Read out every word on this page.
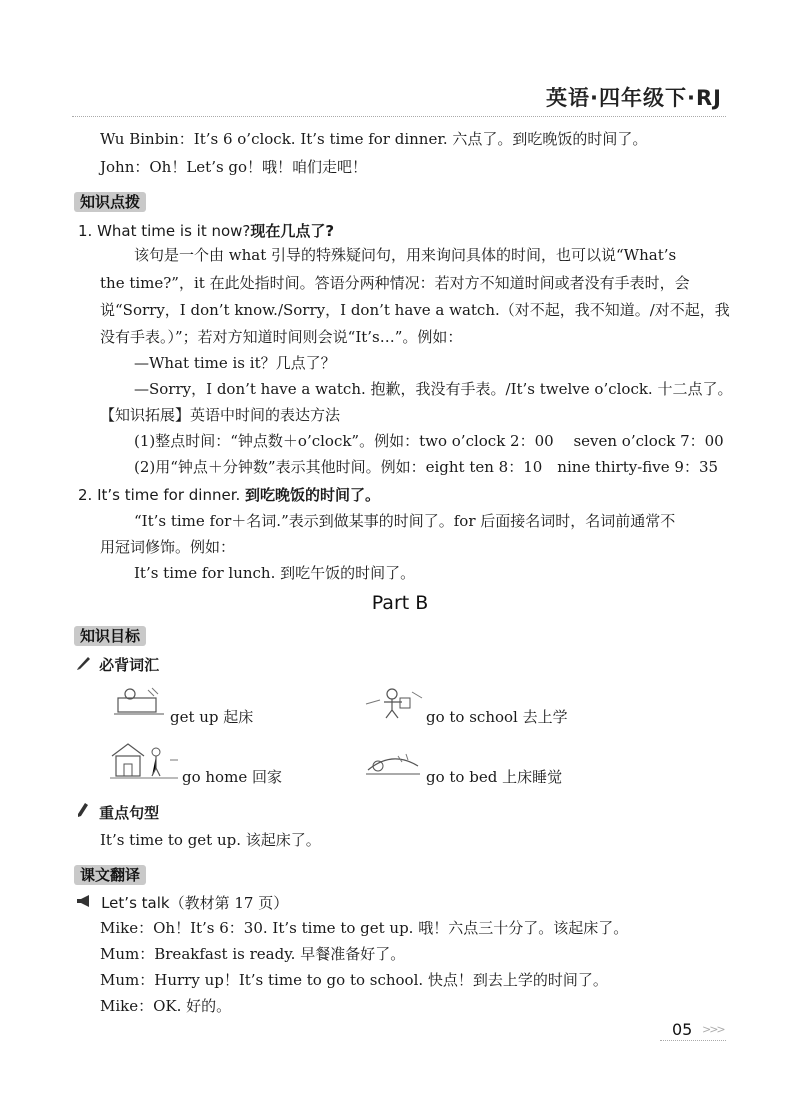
英语·四年级下·RJ
Wu Binbin：It’s 6 o’clock. It’s time for dinner. 六点了。到吃晚饭的时间了。
John：Oh！Let’s go！哦！咱们走吧！
知识点拨
1. What time is it now?现在几点了?
该句是一个由 what 引导的特殊疑问句，用来询问具体的时间，也可以说“What’s
the time?”，it 在此处指时间。答语分两种情况：若对方不知道时间或者没有手表时，会
说“Sorry，I don’t know./Sorry，I don’t have a watch.（对不起，我不知道。/对不起，我
没有手表。）”；若对方知道时间则会说“It’s…”。例如：
—What time is it？几点了？
—Sorry，I don’t have a watch. 抱歉，我没有手表。/It’s twelve o’clock. 十二点了。
【知识拓展】英语中时间的表达方法
(1)整点时间：“钟点数＋o’clock”。例如：two o’clock 2：00　 seven o’clock 7：00
(2)用“钟点＋分钟数”表示其他时间。例如：eight ten 8：10　nine thirty-five 9：35
2. It’s time for dinner. 到吃晚饭的时间了。
“It’s time for＋名词.”表示到做某事的时间了。for 后面接名词时，名词前通常不
用冠词修饰。例如：
It’s time for lunch. 到吃午饭的时间了。
Part B
知识目标
必背词汇
get up 起床	go to school 去上学
go home 回家	go to bed 上床睡觉
重点句型
It’s time to get up. 该起床了。
课文翻译
Let’s talk（教材第 17 页）
Mike：Oh！It’s 6：30. It’s time to get up. 哦！六点三十分了。该起床了。
Mum：Breakfast is ready. 早餐准备好了。
Mum：Hurry up！It’s time to go to school. 快点！到去上学的时间了。
Mike：OK. 好的。
05 >>>
